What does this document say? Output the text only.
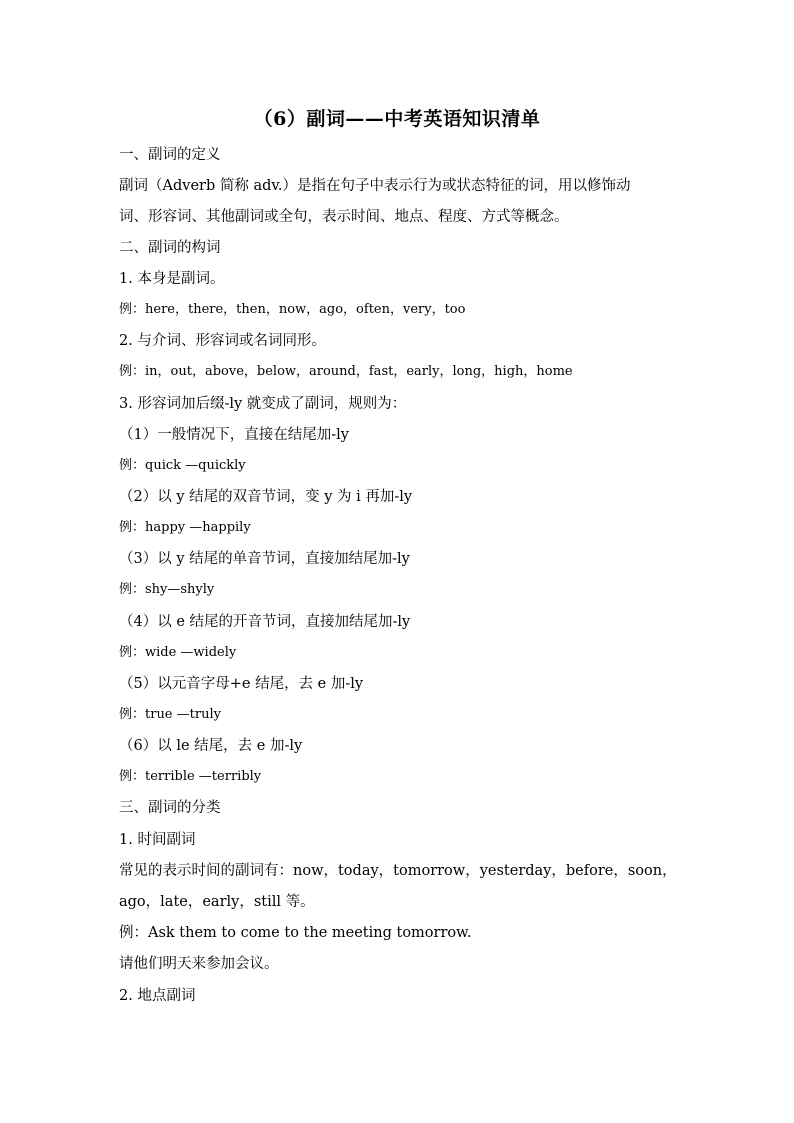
（6）副词——中考英语知识清单
一、副词的定义
副词（Adverb 简称 adv.）是指在句子中表示行为或状态特征的词，用以修饰动
词、形容词、其他副词或全句，表示时间、地点、程度、方式等概念。
二、副词的构词
1. 本身是副词。
例：here，there，then，now，ago，often，very，too
2. 与介词、形容词或名词同形。
例：in，out，above，below，around，fast，early，long，high，home
3. 形容词加后缀-ly 就变成了副词，规则为：
（1）一般情况下，直接在结尾加-ly
例：quick —quickly
（2）以 y 结尾的双音节词，变 y 为 i 再加-ly
例：happy —happily
（3）以 y 结尾的单音节词，直接加结尾加-ly
例：shy—shyly
（4）以 e 结尾的开音节词，直接加结尾加-ly
例：wide —widely
（5）以元音字母+e 结尾，去 e 加-ly
例：true —truly
（6）以 le 结尾，去 e 加-ly
例：terrible —terribly
三、副词的分类
1. 时间副词
常见的表示时间的副词有：now，today，tomorrow，yesterday，before，soon，
ago，late，early，still 等。
例：Ask them to come to the meeting tomorrow.
请他们明天来参加会议。
2. 地点副词
